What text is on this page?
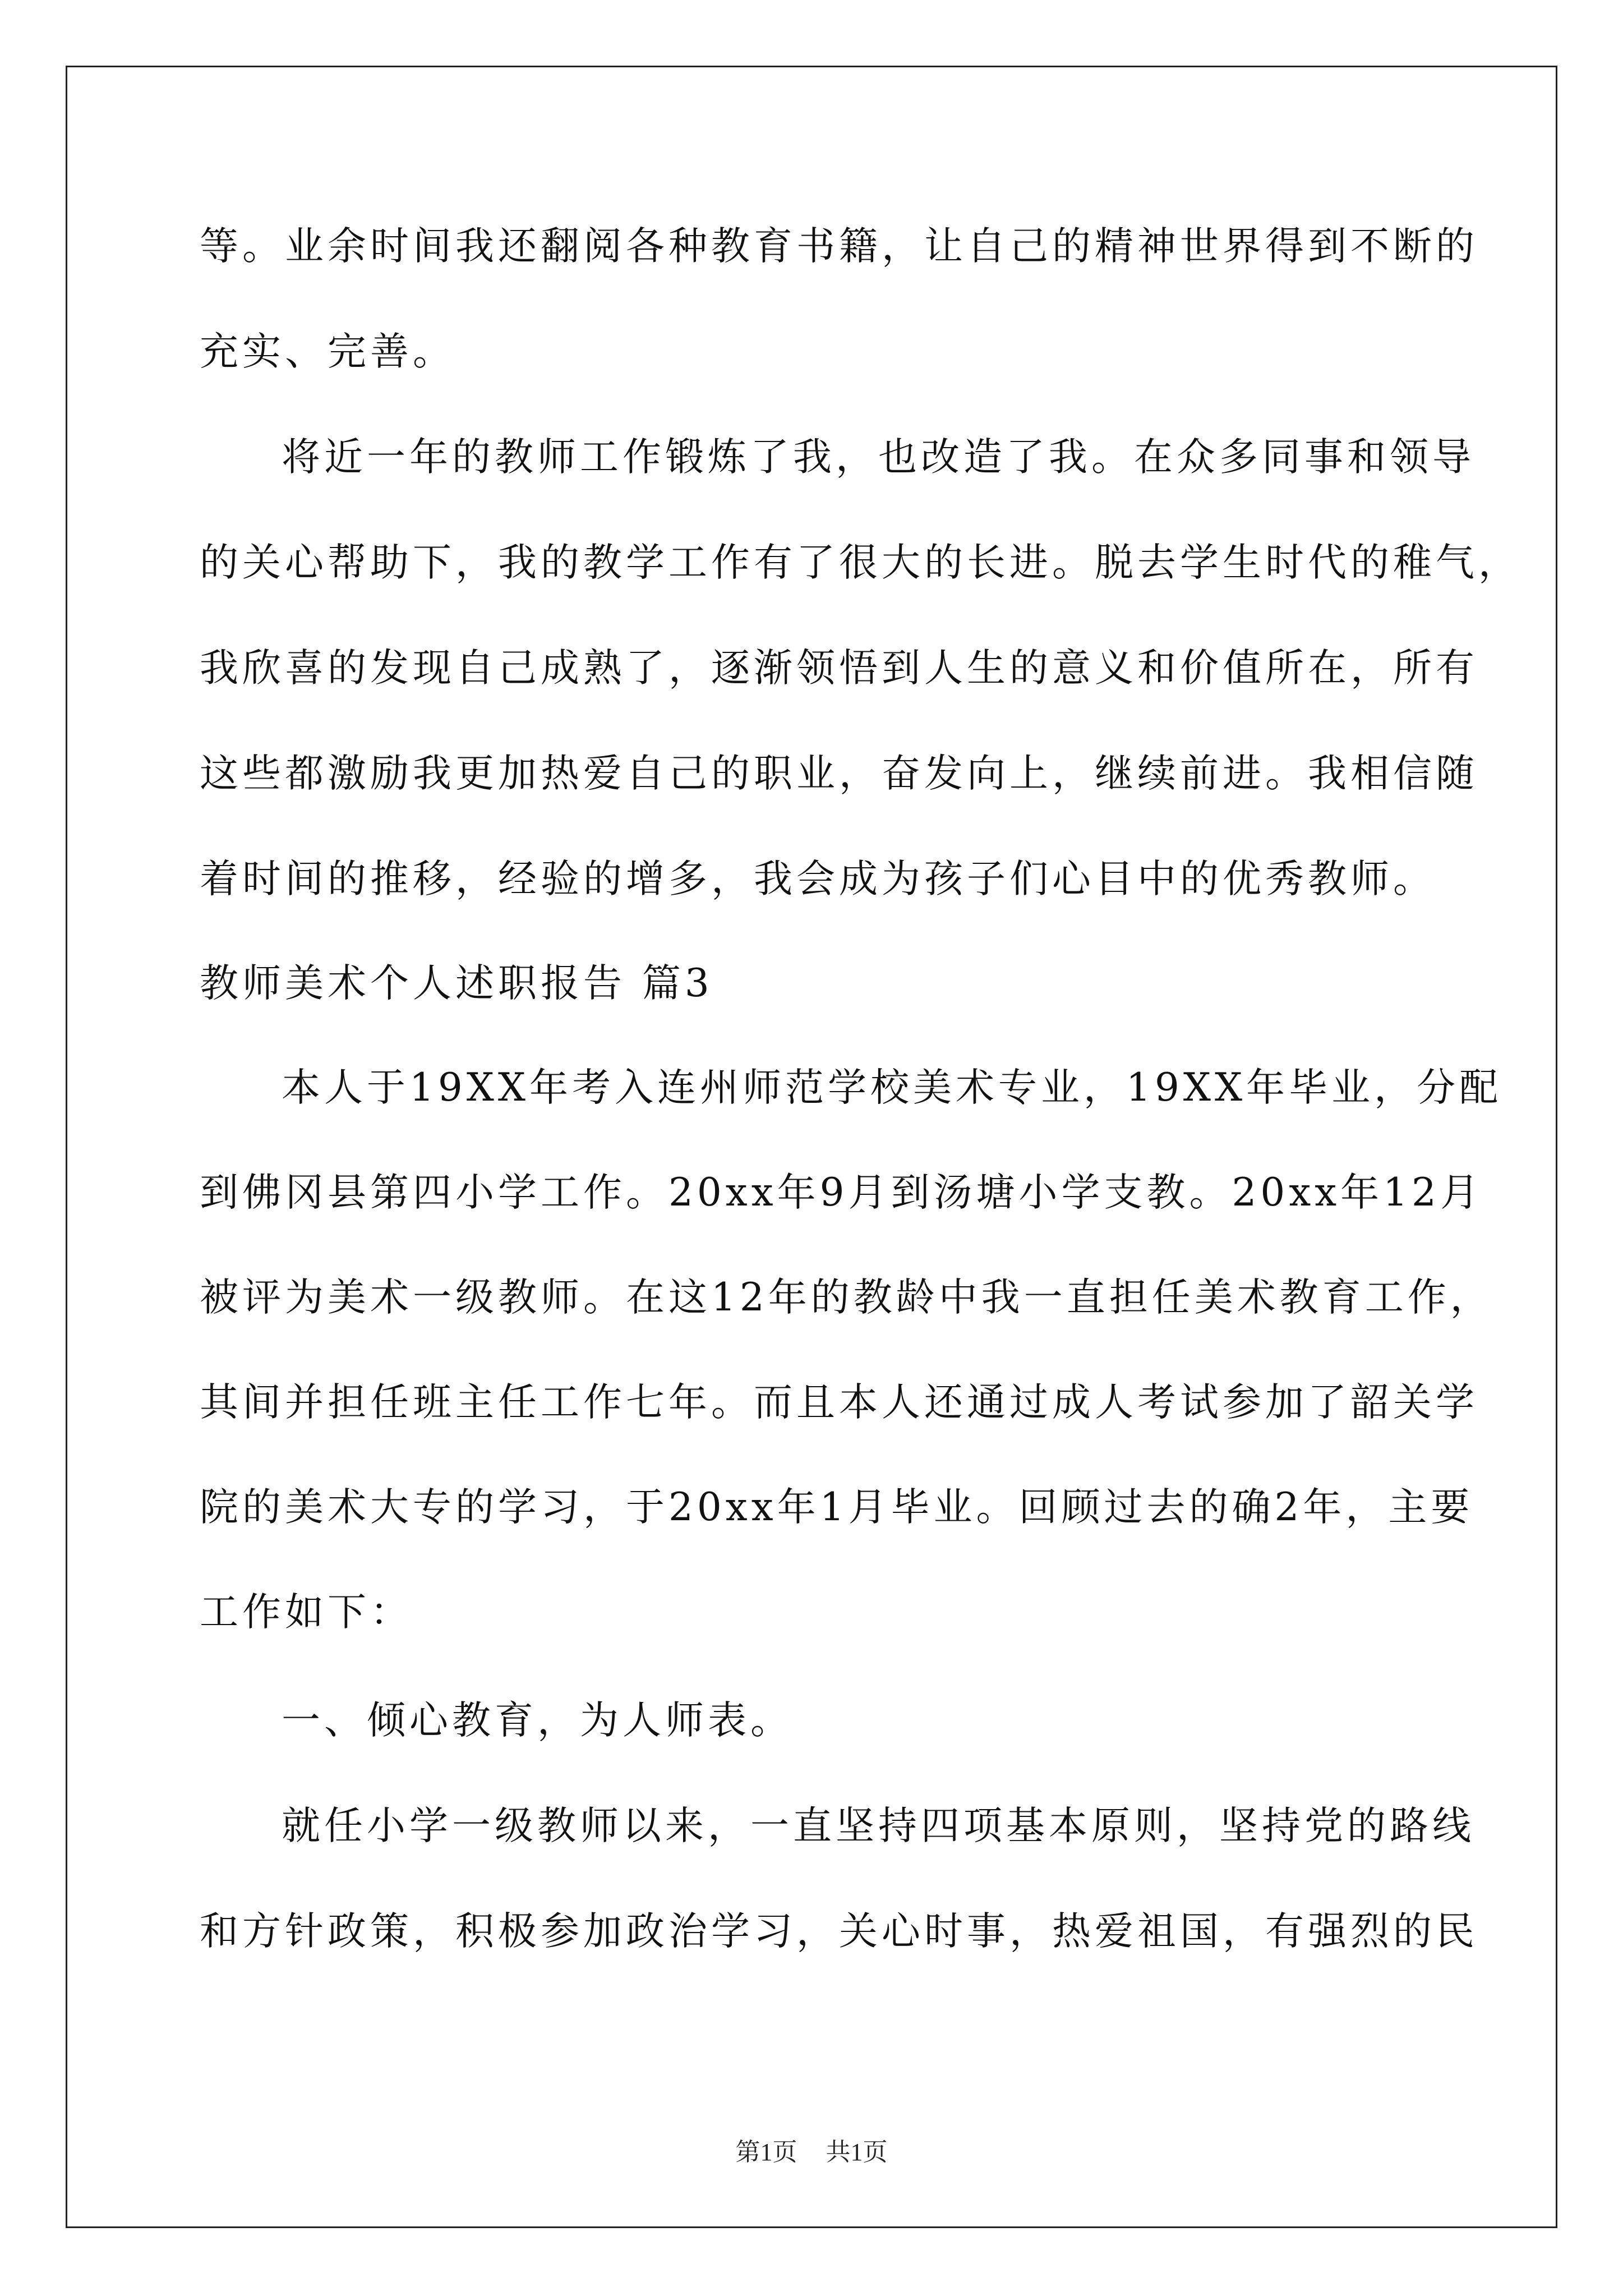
等。业余时间我还翻阅各种教育书籍，让自己的精神世界得到不断的
充实、完善。
将近一年的教师工作锻炼了我，也改造了我。在众多同事和领导
的关心帮助下，我的教学工作有了很大的长进。脱去学生时代的稚气，
我欣喜的发现自己成熟了，逐渐领悟到人生的意义和价值所在，所有
这些都激励我更加热爱自己的职业，奋发向上，继续前进。我相信随
着时间的推移，经验的增多，我会成为孩子们心目中的优秀教师。
教师美术个人述职报告 篇3
本人于19XX年考入连州师范学校美术专业，19XX年毕业，分配
到佛冈县第四小学工作。20xx年9月到汤塘小学支教。20xx年12月
被评为美术一级教师。在这12年的教龄中我一直担任美术教育工作，
其间并担任班主任工作七年。而且本人还通过成人考试参加了韶关学
院的美术大专的学习，于20xx年1月毕业。回顾过去的确2年，主要
工作如下：
一、倾心教育，为人师表。
就任小学一级教师以来，一直坚持四项基本原则，坚持党的路线
和方针政策，积极参加政治学习，关心时事，热爱祖国，有强烈的民
第1页 共1页
